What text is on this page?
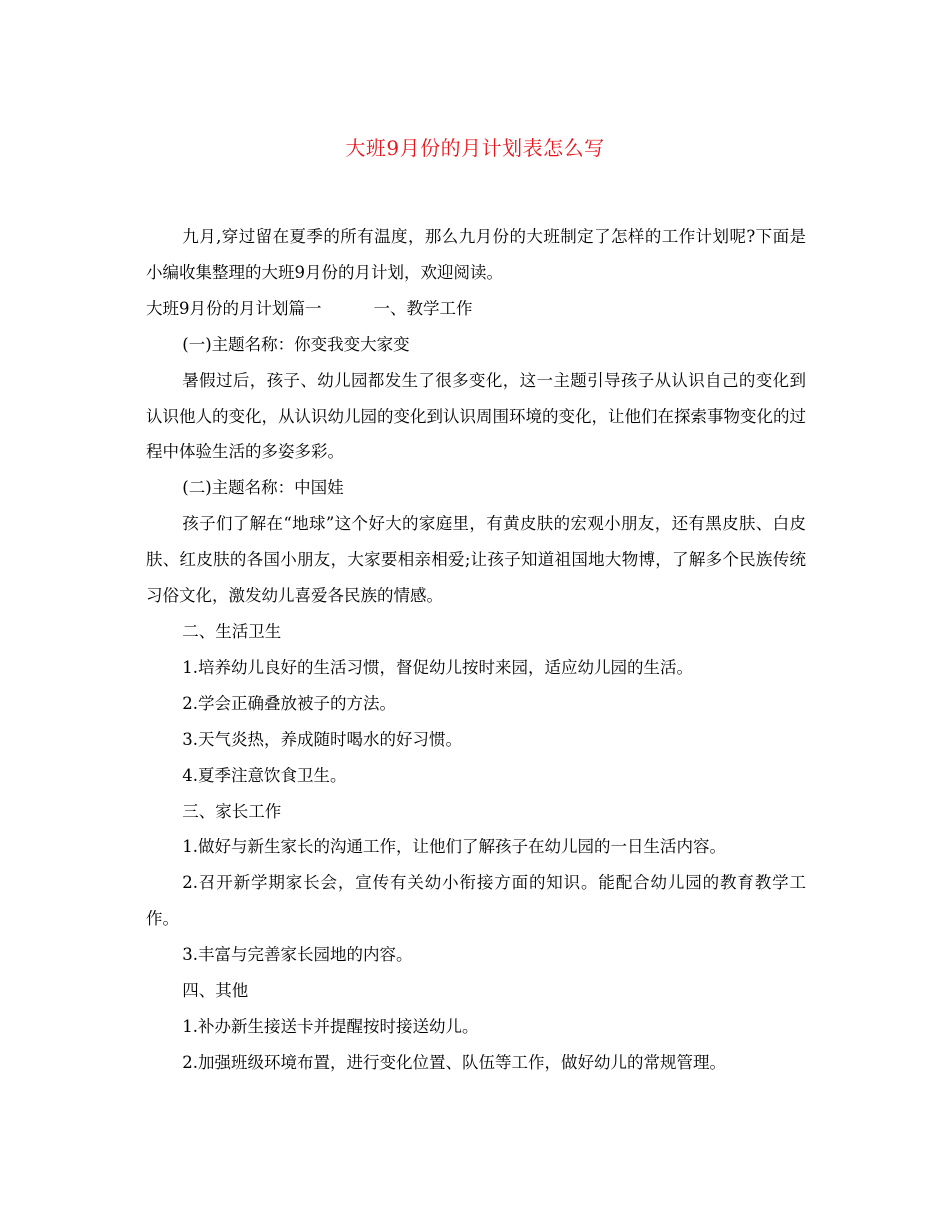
大班9月份的月计划表怎么写

九月,穿过留在夏季的所有温度，那么九月份的大班制定了怎样的工作计划呢?下面是小编收集整理的大班9月份的月计划，欢迎阅读。

大班9月份的月计划篇一	一、教学工作

(一)主题名称：你变我变大家变

暑假过后，孩子、幼儿园都发生了很多变化，这一主题引导孩子从认识自己的变化到认识他人的变化，从认识幼儿园的变化到认识周围环境的变化，让他们在探索事物变化的过程中体验生活的多姿多彩。

(二)主题名称：中国娃

孩子们了解在“地球”这个好大的家庭里，有黄皮肤的宏观小朋友，还有黑皮肤、白皮肤、红皮肤的各国小朋友，大家要相亲相爱;让孩子知道祖国地大物博，了解多个民族传统习俗文化，激发幼儿喜爱各民族的情感。

二、生活卫生

1.培养幼儿良好的生活习惯，督促幼儿按时来园，适应幼儿园的生活。

2.学会正确叠放被子的方法。

3.天气炎热，养成随时喝水的好习惯。

4.夏季注意饮食卫生。

三、家长工作

1.做好与新生家长的沟通工作，让他们了解孩子在幼儿园的一日生活内容。

2.召开新学期家长会，宣传有关幼小衔接方面的知识。能配合幼儿园的教育教学工作。

3.丰富与完善家长园地的内容。

四、其他

1.补办新生接送卡并提醒按时接送幼儿。

2.加强班级环境布置，进行变化位置、队伍等工作，做好幼儿的常规管理。
